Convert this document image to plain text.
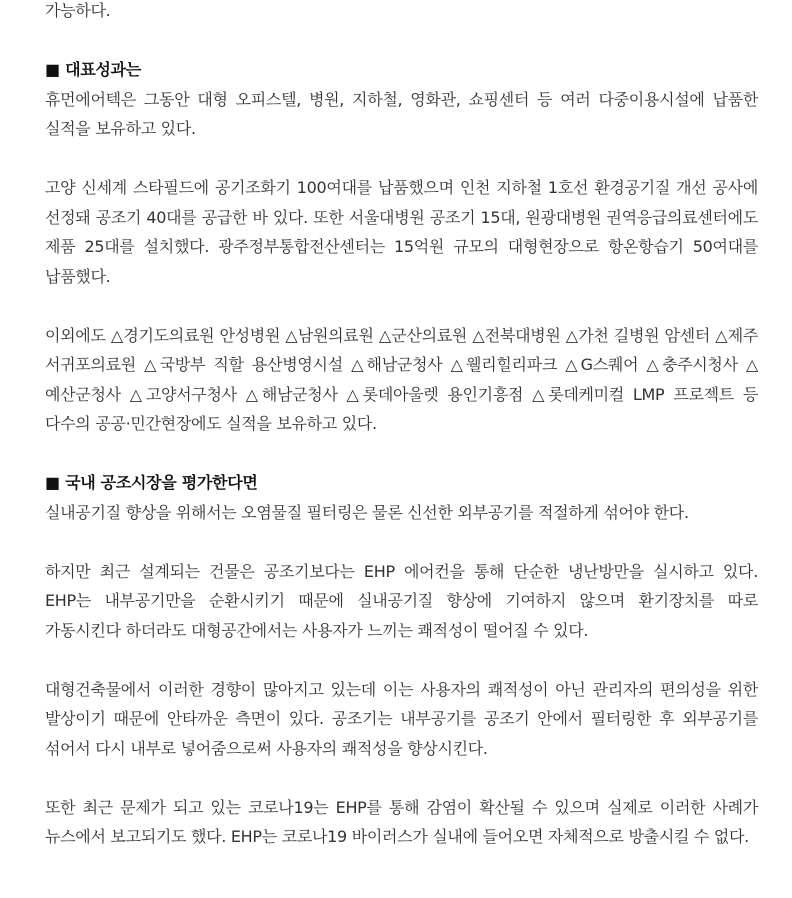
가능하다.

■ 대표성과는

휴먼에어텍은 그동안 대형 오피스텔, 병원, 지하철, 영화관, 쇼핑센터 등 여러 다중이용시설에 납품한 실적을 보유하고 있다.

고양 신세계 스타필드에 공기조화기 100여대를 납품했으며 인천 지하철 1호선 환경공기질 개선 공사에 선정돼 공조기 40대를 공급한 바 있다. 또한 서울대병원 공조기 15대, 원광대병원 권역응급의료센터에도 제품 25대를 설치했다. 광주정부통합전산센터는 15억원 규모의 대형현장으로 항온항습기 50여대를 납품했다.

이외에도 △경기도의료원 안성병원 △남원의료원 △군산의료원 △전북대병원 △가천 길병원 암센터 △제주 서귀포의료원 △국방부 직할 용산병영시설 △해남군청사 △웰리힐리파크 △G스퀘어 △충주시청사 △예산군청사 △고양서구청사 △해남군청사 △롯데아울렛 용인기흥점 △롯데케미컬 LMP 프로젝트 등 다수의 공공·민간현장에도 실적을 보유하고 있다.

■ 국내 공조시장을 평가한다면

실내공기질 향상을 위해서는 오염물질 필터링은 물론 신선한 외부공기를 적절하게 섞어야 한다.

하지만 최근 설계되는 건물은 공조기보다는 EHP 에어컨을 통해 단순한 냉난방만을 실시하고 있다. EHP는 내부공기만을 순환시키기 때문에 실내공기질 향상에 기여하지 않으며 환기장치를 따로 가동시킨다 하더라도 대형공간에서는 사용자가 느끼는 쾌적성이 떨어질 수 있다.

대형건축물에서 이러한 경향이 많아지고 있는데 이는 사용자의 쾌적성이 아닌 관리자의 편의성을 위한 발상이기 때문에 안타까운 측면이 있다. 공조기는 내부공기를 공조기 안에서 필터링한 후 외부공기를 섞어서 다시 내부로 넣어줌으로써 사용자의 쾌적성을 향상시킨다.

또한 최근 문제가 되고 있는 코로나19는 EHP를 통해 감염이 확산될 수 있으며 실제로 이러한 사례가 뉴스에서 보고되기도 했다. EHP는 코로나19 바이러스가 실내에 들어오면 자체적으로 방출시킬 수 없다.
